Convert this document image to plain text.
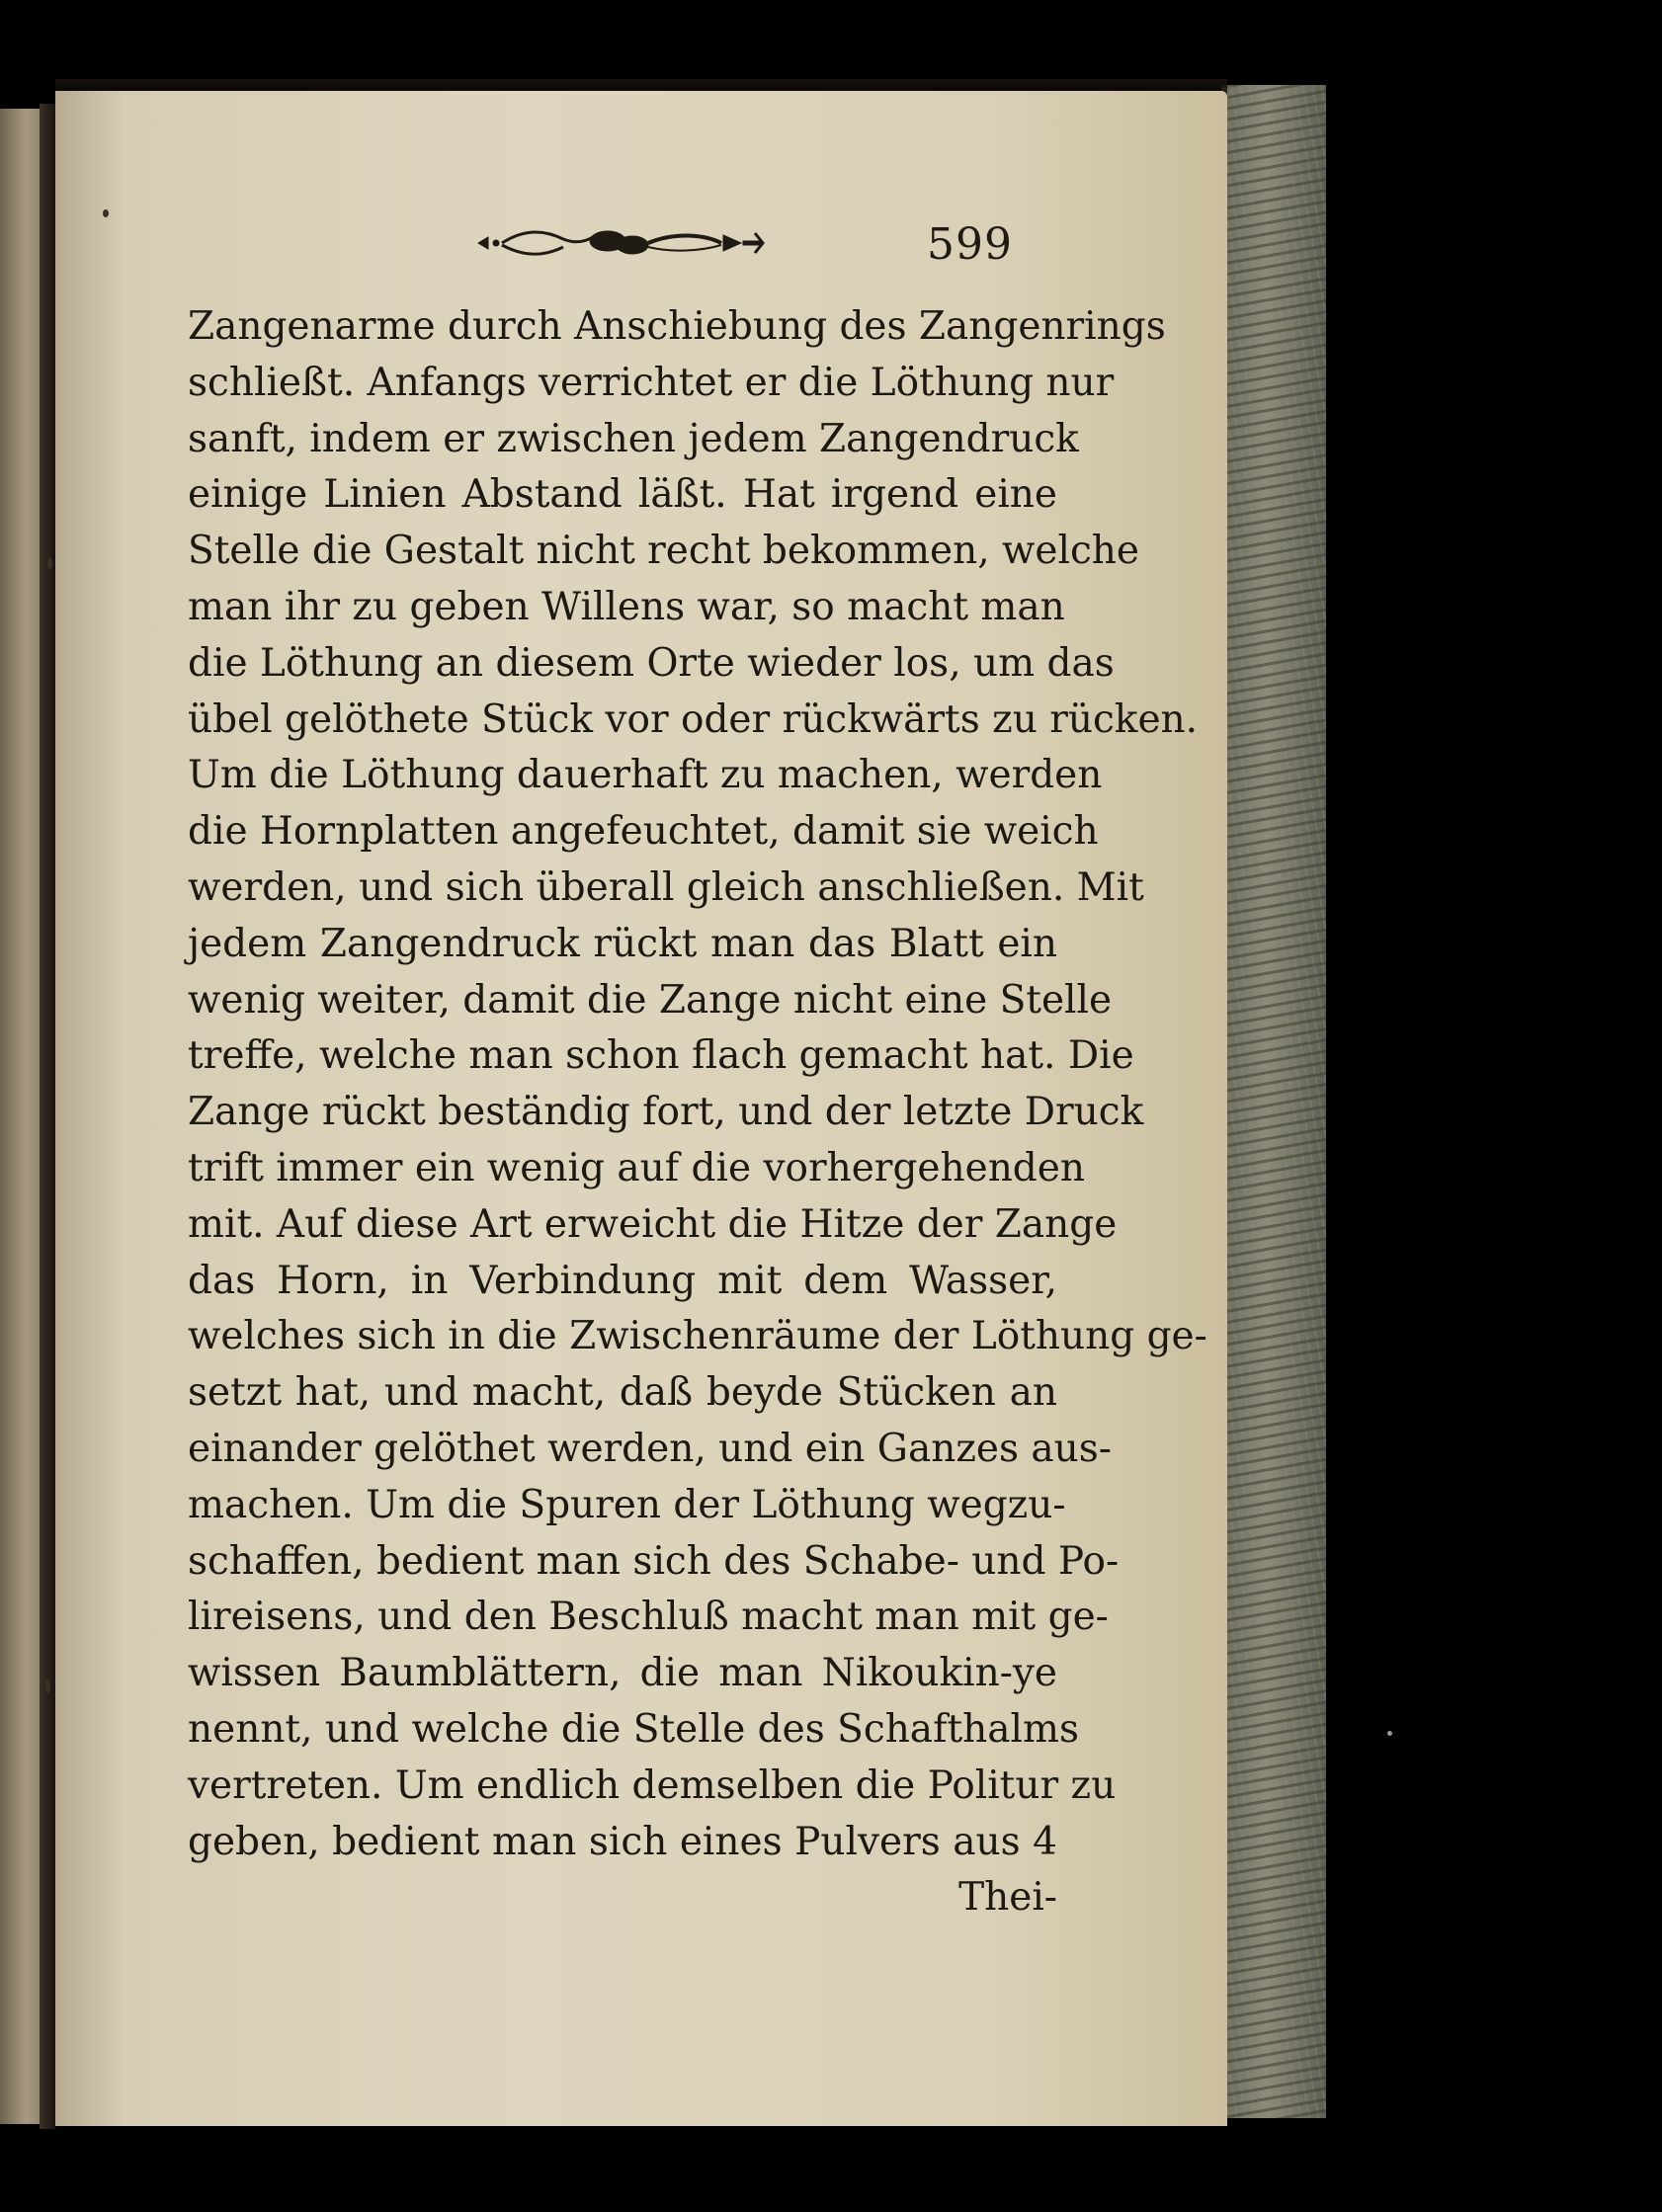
599
Zangenarme durch Anschiebung des Zangenrings
schließt. Anfangs verrichtet er die Löthung nur
sanft, indem er zwischen jedem Zangendruck
einige Linien Abstand läßt. Hat irgend eine
Stelle die Gestalt nicht recht bekommen, welche
man ihr zu geben Willens war, so macht man
die Löthung an diesem Orte wieder los, um das
übel gelöthete Stück vor oder rückwärts zu rücken.
Um die Löthung dauerhaft zu machen, werden
die Hornplatten angefeuchtet, damit sie weich
werden, und sich überall gleich anschließen. Mit
jedem Zangendruck rückt man das Blatt ein
wenig weiter, damit die Zange nicht eine Stelle
treffe, welche man schon flach gemacht hat. Die
Zange rückt beständig fort, und der letzte Druck
trift immer ein wenig auf die vorhergehenden
mit. Auf diese Art erweicht die Hitze der Zange
das Horn, in Verbindung mit dem Wasser,
welches sich in die Zwischenräume der Löthung ge-
setzt hat, und macht, daß beyde Stücken an
einander gelöthet werden, und ein Ganzes aus-
machen. Um die Spuren der Löthung wegzu-
schaffen, bedient man sich des Schabe- und Po-
lireisens, und den Beschluß macht man mit ge-
wissen Baumblättern, die man Nikoukin-ye
nennt, und welche die Stelle des Schafthalms
vertreten. Um endlich demselben die Politur zu
geben, bedient man sich eines Pulvers aus 4
Thei-
